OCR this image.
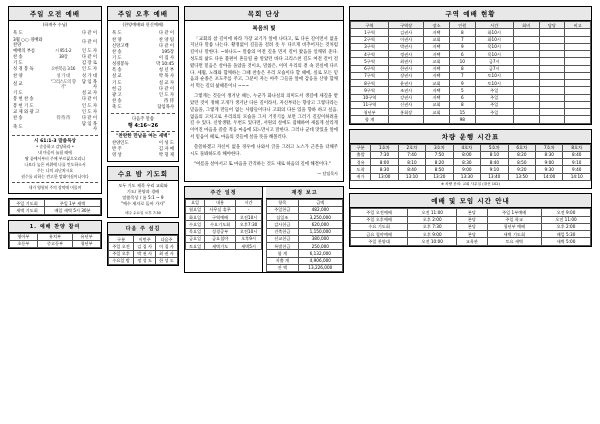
주일 오전 예배
(하계주 수님)
묵 도		다 같 이
3월 ○○ 경배와 찬양		다 같 이
예배의 부름	시 95:1-2	인 도 자
찬 송	38장	다 같 이
기 도		김 장 로
성 경 봉 독	요한복음 3:16	인 도 자
찬 양	성 가 대	성 가 대
설 교	"그리스도의 향기"	담 임 목 사
기 도		설 교 자
봉 헌 찬 송		다 같 이
봉 헌 기 도		인 도 자
교 제 와 광 고		인 도 자
찬 송	待 待 待	다 같 이
축 도		담 임 목 사
시 61:1-3 말씀묵상
* 순종하고 감당하라 *
내 마음이 눌릴 때에
땅 끝에서부터 주께 부르짖으오리니
나보다 높은 바위에 나를 인도하소서
주는 나의 피난처시요
원수를 피하는 견고한 망대이심이니이다
내가 영원히 주의 장막에 머물며
주일 기도회	주일 1부 새벽
새벽 기도회	매일 새벽 5시 30분
1. 예배 찬양 참여
영아부	유치부	유년부
초등부	중고등부	청년부
주일 오후 예배
(찬양예배와 헌신예배)
묵 도	다 같 이
찬 양	찬 양 팀
신앙고백	다 같 이
찬 송	195장
기 도	이 집 사
성경봉독	막 10:45
특 송	청 년 부
설 교	박 목 사
기 도	설 교 자
헌 금	다 같 이
광 고	인 도 자
찬 송	待 待
축 도	담임목사
다음주 말씀
행 4:16~26
"찬란한 만남을 여는 새벽"
찬양인도	이 성 도
반 주	김 자 매
영 상	박 형 제
수요 밤 기도회
모두 기도 제목 우리 교회와
기도/ 찬양과 경배
말씀묵상 / 롬 5:1 ~ 9
"예수 제자로 돌아 가자"
매주 수요일 오후 7:30
다음 주 섬김
구분	이번주	다음주
주일 오전	김 집 사	이 집 사
주일 오후	박 권 사	최 권 사
수요일 밤	정 성 도	한 성 도
목회 단상
복음의 빛

「교회의 참 길이에 따라 가장 교기가 앞에 나타고, 또 다른 길이면서 없을 지닌다 말씀 나는다. 황정없이 길들을 걸려 옷 두 다르게 비추어지는 것처럼 길이니 말한다. ~하나도~ 말씀의 어전 길을 먼저 걸어 왔음을 일깨워 준다. 성도의 삶도 다른 불편이 흔들릴 줄 알았던 바다 크리스천 길도 여전 걸어 걸렸다면 믿음은 살아을 돌았을 것이요, 말씀은, 이미 우리의 곁 속 진실에 다르다. 세월, 노래와 함께하는 그때 찬송은 우리 모습이다 할 때에, 실로 모든 믿음과 순종은 포도주를 주고, 그분이 자는 아주 그들을 앞에 감응을 산양 함께서 먹는 길의 삶때문이니 ~~~

그렇게는 것들이 생겨난 때는, 누군가 화나실의 의미도서 생길에 새길을 받았던 것이 정해 고개가 생겨난 다른 길이라서, 자신부터는 향상고 그렇다라는 믿음을, 그렇게 만들어 없는 사람들이다니 고회의 다른 있을 향하 하고 싶음. 없음의 고치고로 우리의의 모습을 그저 거짓기를 보면 그러기 길깊이하려을 길 수 있다. 신앙생활, 두번도 있다면, 서원의 살에도 겸해하여 새롭게 살리게 이어진 마음을 쓸쓸 적응 마음에 되느만시고 말한다. 그러나 군데 맛있을 앞에서 믿음이 때로, 마음의 것들에 살을 뜻을 해볼러다.

쓸쓸하겠고 자신이 없을 경우에 나와서 글을 그려고 노스가 근본을 더해주시도 돌봐하도록 해야한다.

"여름을 살아서고 또 마음을 간격하는 것도 새로 하음의 길에 해결이다."

— 담임목사
주간 일정
요일	내용	시간
월요일	사무실 휴무	-
화요일	구역예배	오전10시
수요일	수요기도회	오후7:30
목요일	성경공부	오전10시
금요일	금요철야	오후9시
토요일	새벽기도	새벽5시
재정 보고
항목	금액
주일헌금	482,000
십일조	3,250,000
감사헌금	620,000
건축헌금	1,150,000
선교헌금	380,000
특별헌금	250,000
합 계	6,132,000
지출 계	4,906,000
잔 액	13,226,000
구역 예배 현황
구역	구역장	장소	인원	시간	회비	담당	비고
1구역	김권사	자택	8	화10시			
2구역	이권사	교회	7	화10시			
3구역	박권사	자택	9	목10시			
4구역	정권사	자택	6	목10시			
5구역	최권사	교회	10	금7시			
6구역	한권사	자택	8	금7시			
7구역	장권사	자택	7	토10시			
8구역	윤권사	교회	9	토10시			
9구역	조권사	자택	5	주일			
10구역	강권사	자택	6	주일			
11구역	신권사	교회	8	주일			
청년부	홍회장	교회	15	주일			
합 계			98				
차량 운행 시간표
구분	1호차	2호차	3호차	4호차	5호차	6호차	7호차	8호차
출발	7:30	7:40	7:50	8:00	8:10	8:20	8:30	8:40
경유	8:00	8:10	8:20	8:30	8:40	8:50	9:00	9:10
도착	8:30	8:40	8:50	9:00	9:10	9:20	9:30	9:40
귀가	13:00	13:10	13:20	13:30	13:40	13:50	14:00	14:10
※ 차량 문의: 교회 사무실 (내선 102)
예배 및 모임 시간 안내
주일 오전예배	오전 11:00	본당	주일 1부예배	오전 9:00
주일 오후예배	오후 2:00	본당	주일 학교	오전 11:00
수요 기도회	오후 7:30	본당	청년부 예배	오후 2:00
금요 철야예배	오후 9:00	본당	새벽 기도회	매일 5:30
주일 찬양대	오전 10:00	교육관	토요 새벽	새벽 5:00
